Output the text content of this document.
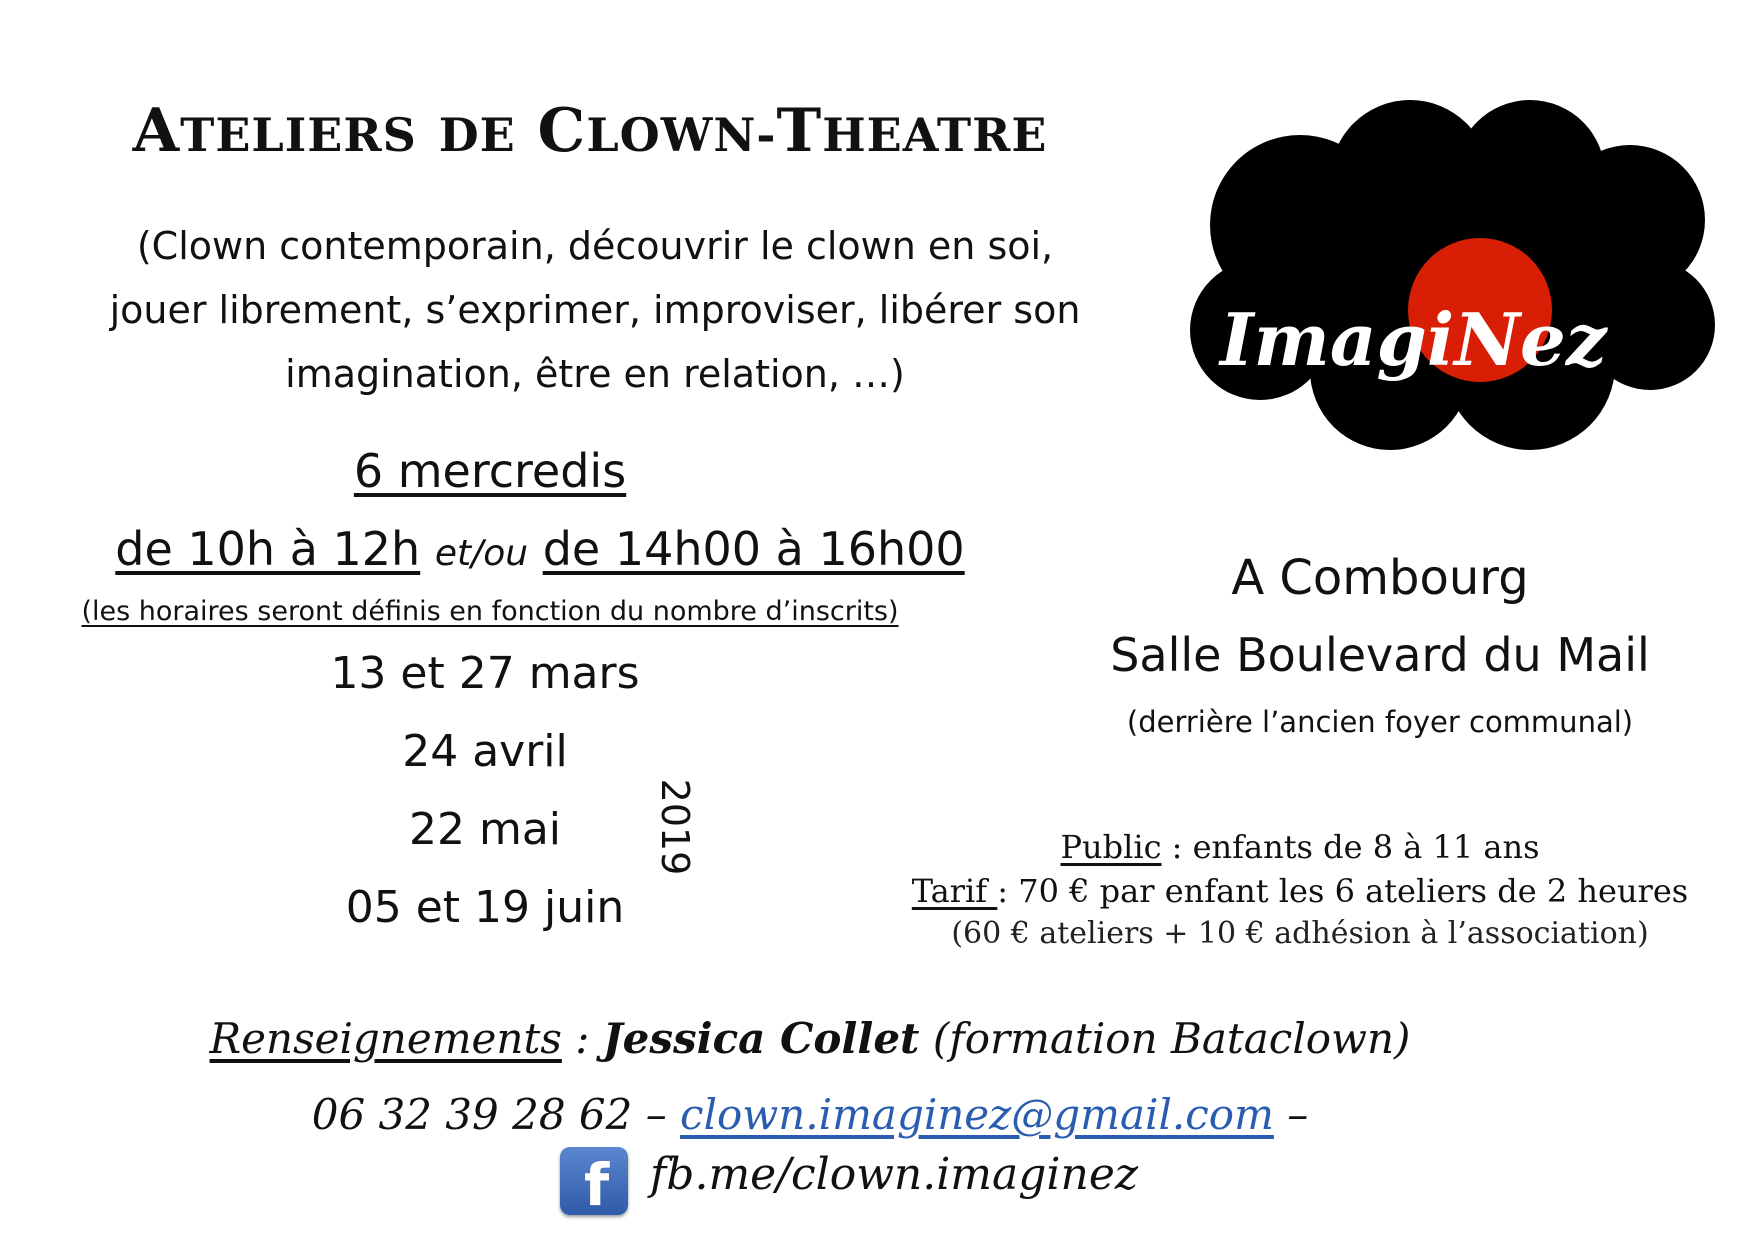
ATELIERS DE CLOWN-THEATRE
(Clown contemporain, découvrir le clown en soi,
jouer librement, s’exprimer, improviser, libérer son
imagination, être en relation, …)
6 mercredis
de 10h à 12h et/ou de 14h00 à 16h00
(les horaires seront définis en fonction du nombre d’inscrits)
13 et 27 mars
24 avril
22 mai
05 et 19 juin
2019
ImagiNez
A Combourg
Salle Boulevard du Mail
(derrière l’ancien foyer communal)
Public : enfants de 8 à 11 ans
Tarif : 70 € par enfant les 6 ateliers de 2 heures
(60 € ateliers + 10 € adhésion à l’association)
Renseignements : Jessica Collet (formation Bataclown)
06 32 39 28 62 – clown.imaginez@gmail.com –
f fb.me/clown.imaginez
